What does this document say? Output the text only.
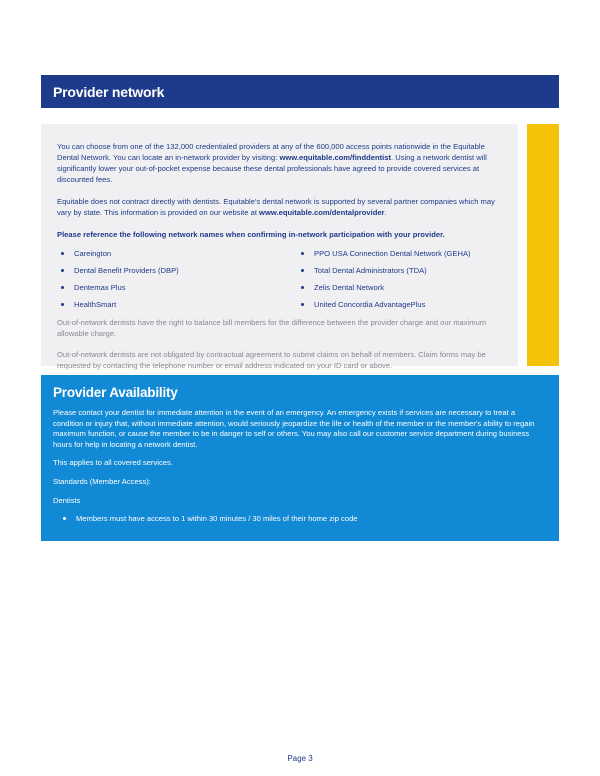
Provider network

You can choose from one of the 132,000 credentialed providers at any of the 600,000 access points nationwide in the Equitable Dental Network. You can locate an in-network provider by visiting: www.equitable.com/finddentist. Using a network dentist will significantly lower your out-of-pocket expense because these dental professionals have agreed to provide covered services at discounted fees.

Equitable does not contract directly with dentists. Equitable's dental network is supported by several partner companies which may vary by state. This information is provided on our website at www.equitable.com/dentalprovider.

Please reference the following network names when confirming in-network participation with your provider.

Careington	PPO USA Connection Dental Network (GEHA)
Dental Benefit Providers (DBP)	Total Dental Administrators (TDA)
Dentemax Plus	Zelis Dental Network
HealthSmart	United Concordia AdvantagePlus

Out-of-network dentists have the right to balance bill members for the difference between the provider charge and our maximum allowable charge.

Out-of-network dentists are not obligated by contractual agreement to submit claims on behalf of members. Claim forms may be requested by contacting the telephone number or email address indicated on your ID card or above.

Provider Availability

Please contact your dentist for immediate attention in the event of an emergency. An emergency exists if services are necessary to treat a condition or injury that, without immediate attention, would seriously jeopardize the life or health of the member or the member's ability to regain maximum function, or cause the member to be in danger to self or others. You may also call our customer service department during business hours for help in locating a network dentist.

This applies to all covered services.

Standards (Member Access):

Dentists

Members must have access to 1 within 30 minutes / 30 miles of their home zip code
Page 3
